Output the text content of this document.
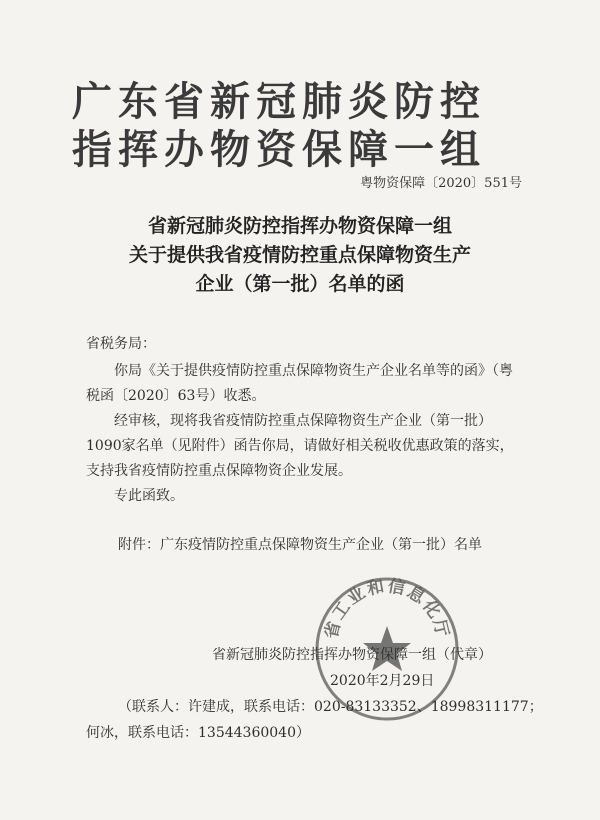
广东省新冠肺炎防控
指挥办物资保障一组
粤物资保障〔2020〕551号
省新冠肺炎防控指挥办物资保障一组
关于提供我省疫情防控重点保障物资生产
企业（第一批）名单的函

省税务局：

你局《关于提供疫情防控重点保障物资生产企业名单等的函》（粤税函〔2020〕63号）收悉。

经审核，现将我省疫情防控重点保障物资生产企业（第一批）1090家名单（见附件）函告你局，请做好相关税收优惠政策的落实，支持我省疫情防控重点保障物资企业发展。

专此函致。

附件：广东疫情防控重点保障物资生产企业（第一批）名单
省工业和信息化厅
省新冠肺炎防控指挥办物资保障一组（代章）
2020年2月29日
（联系人：许建成，联系电话：020-83133352、18998311177；
何冰，联系电话：13544360040）
